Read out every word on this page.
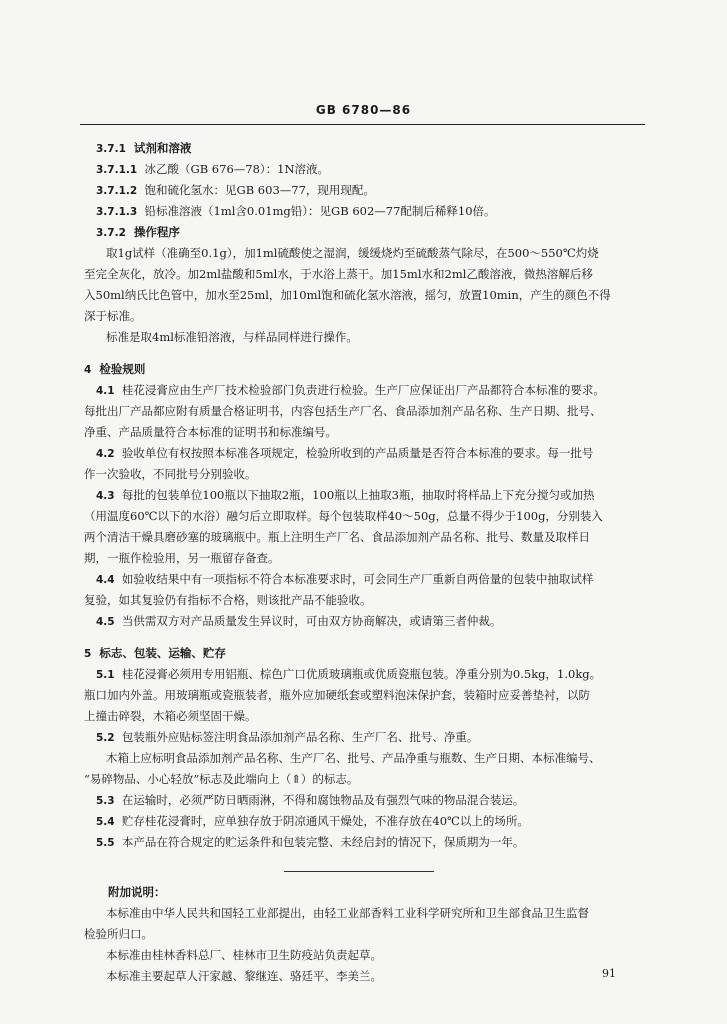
GB 6780—86
3.7.1 试剂和溶液
3.7.1.1 冰乙酸（GB 676—78）：1N溶液。
3.7.1.2 饱和硫化氢水：见GB 603—77，现用现配。
3.7.1.3 铅标准溶液（1ml含0.01mg铅）：见GB 602—77配制后稀释10倍。
3.7.2 操作程序
取1g试样（准确至0.1g），加1ml硫酸使之湿润，缓缓烧灼至硫酸蒸气除尽，在500～550℃灼烧
至完全灰化，放冷。加2ml盐酸和5ml水，于水浴上蒸干。加15ml水和2ml乙酸溶液，微热溶解后移
入50ml纳氏比色管中，加水至25ml，加10ml饱和硫化氢水溶液，摇匀，放置10min，产生的颜色不得
深于标准。
标准是取4ml标准铅溶液，与样品同样进行操作。
4 检验规则
4.1 桂花浸膏应由生产厂技术检验部门负责进行检验。生产厂应保证出厂产品都符合本标准的要求。
每批出厂产品都应附有质量合格证明书，内容包括生产厂名、食品添加剂产品名称、生产日期、批号、
净重、产品质量符合本标准的证明书和标准编号。
4.2 验收单位有权按照本标准各项规定，检验所收到的产品质量是否符合本标准的要求。每一批号
作一次验收，不同批号分别验收。
4.3 每批的包装单位100瓶以下抽取2瓶，100瓶以上抽取3瓶，抽取时将样品上下充分搅匀或加热
（用温度60℃以下的水浴）融匀后立即取样。每个包装取样40～50g，总量不得少于100g，分别装入
两个清洁干燥具磨砂塞的玻璃瓶中。瓶上注明生产厂名、食品添加剂产品名称、批号、数量及取样日
期，一瓶作检验用，另一瓶留存备查。
4.4 如验收结果中有一项指标不符合本标准要求时，可会同生产厂重新自两倍量的包装中抽取试样
复验，如其复验仍有指标不合格，则该批产品不能验收。
4.5 当供需双方对产品质量发生异议时，可由双方协商解决，或请第三者仲裁。
5 标志、包装、运输、贮存
5.1 桂花浸膏必须用专用铝瓶、棕色广口优质玻璃瓶或优质瓷瓶包装。净重分别为0.5kg，1.0kg。
瓶口加内外盖。用玻璃瓶或瓷瓶装者，瓶外应加硬纸套或塑料泡沫保护套，装箱时应妥善垫衬，以防
上撞击碎裂，木箱必须坚固干燥。
5.2 包装瓶外应贴标签注明食品添加剂产品名称、生产厂名、批号、净重。
木箱上应标明食品添加剂产品名称、生产厂名、批号、产品净重与瓶数、生产日期、本标准编号、
“易碎物品、小心轻放”标志及此端向上（⇑）的标志。
5.3 在运输时，必须严防日晒雨淋，不得和腐蚀物品及有强烈气味的物品混合装运。
5.4 贮存桂花浸膏时，应单独存放于阴凉通风干燥处，不准存放在40℃以上的场所。
5.5 本产品在符合规定的贮运条件和包装完整、未经启封的情况下，保质期为一年。
附加说明：
本标准由中华人民共和国轻工业部提出，由轻工业部香料工业科学研究所和卫生部食品卫生监督
检验所归口。
本标准由桂林香料总厂、桂林市卫生防疫站负责起草。
本标准主要起草人汗家越、黎继连、骆廷平、李美兰。	91
